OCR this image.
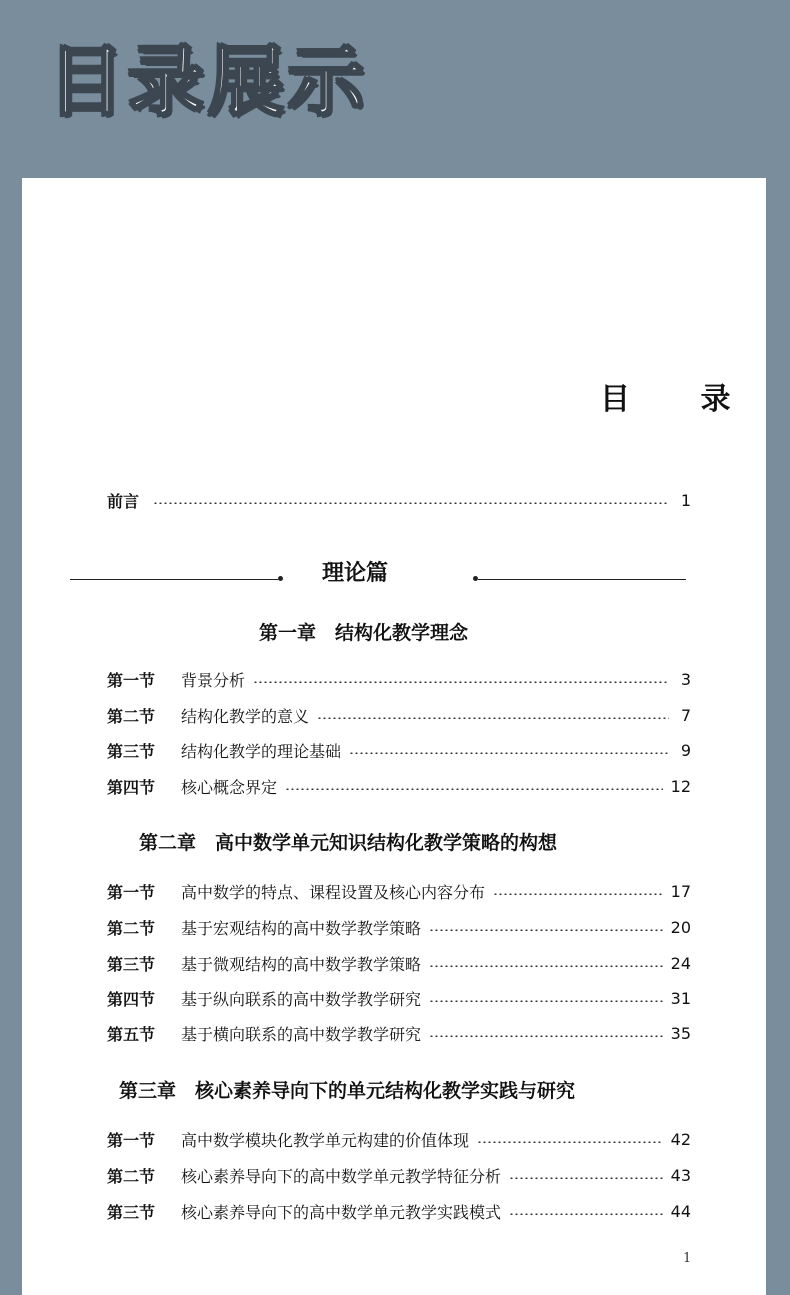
目录展示
目 录
前言	1
理论篇
第一章　结构化教学理念
第一节	背景分析	3
第二节	结构化教学的意义	7
第三节	结构化教学的理论基础	9
第四节	核心概念界定	12
第二章　高中数学单元知识结构化教学策略的构想
第一节	高中数学的特点、课程设置及核心内容分布	17
第二节	基于宏观结构的高中数学教学策略	20
第三节	基于微观结构的高中数学教学策略	24
第四节	基于纵向联系的高中数学教学研究	31
第五节	基于横向联系的高中数学教学研究	35
第三章　核心素养导向下的单元结构化教学实践与研究
第一节	高中数学模块化教学单元构建的价值体现	42
第二节	核心素养导向下的高中数学单元教学特征分析	43
第三节	核心素养导向下的高中数学单元教学实践模式	44
1
